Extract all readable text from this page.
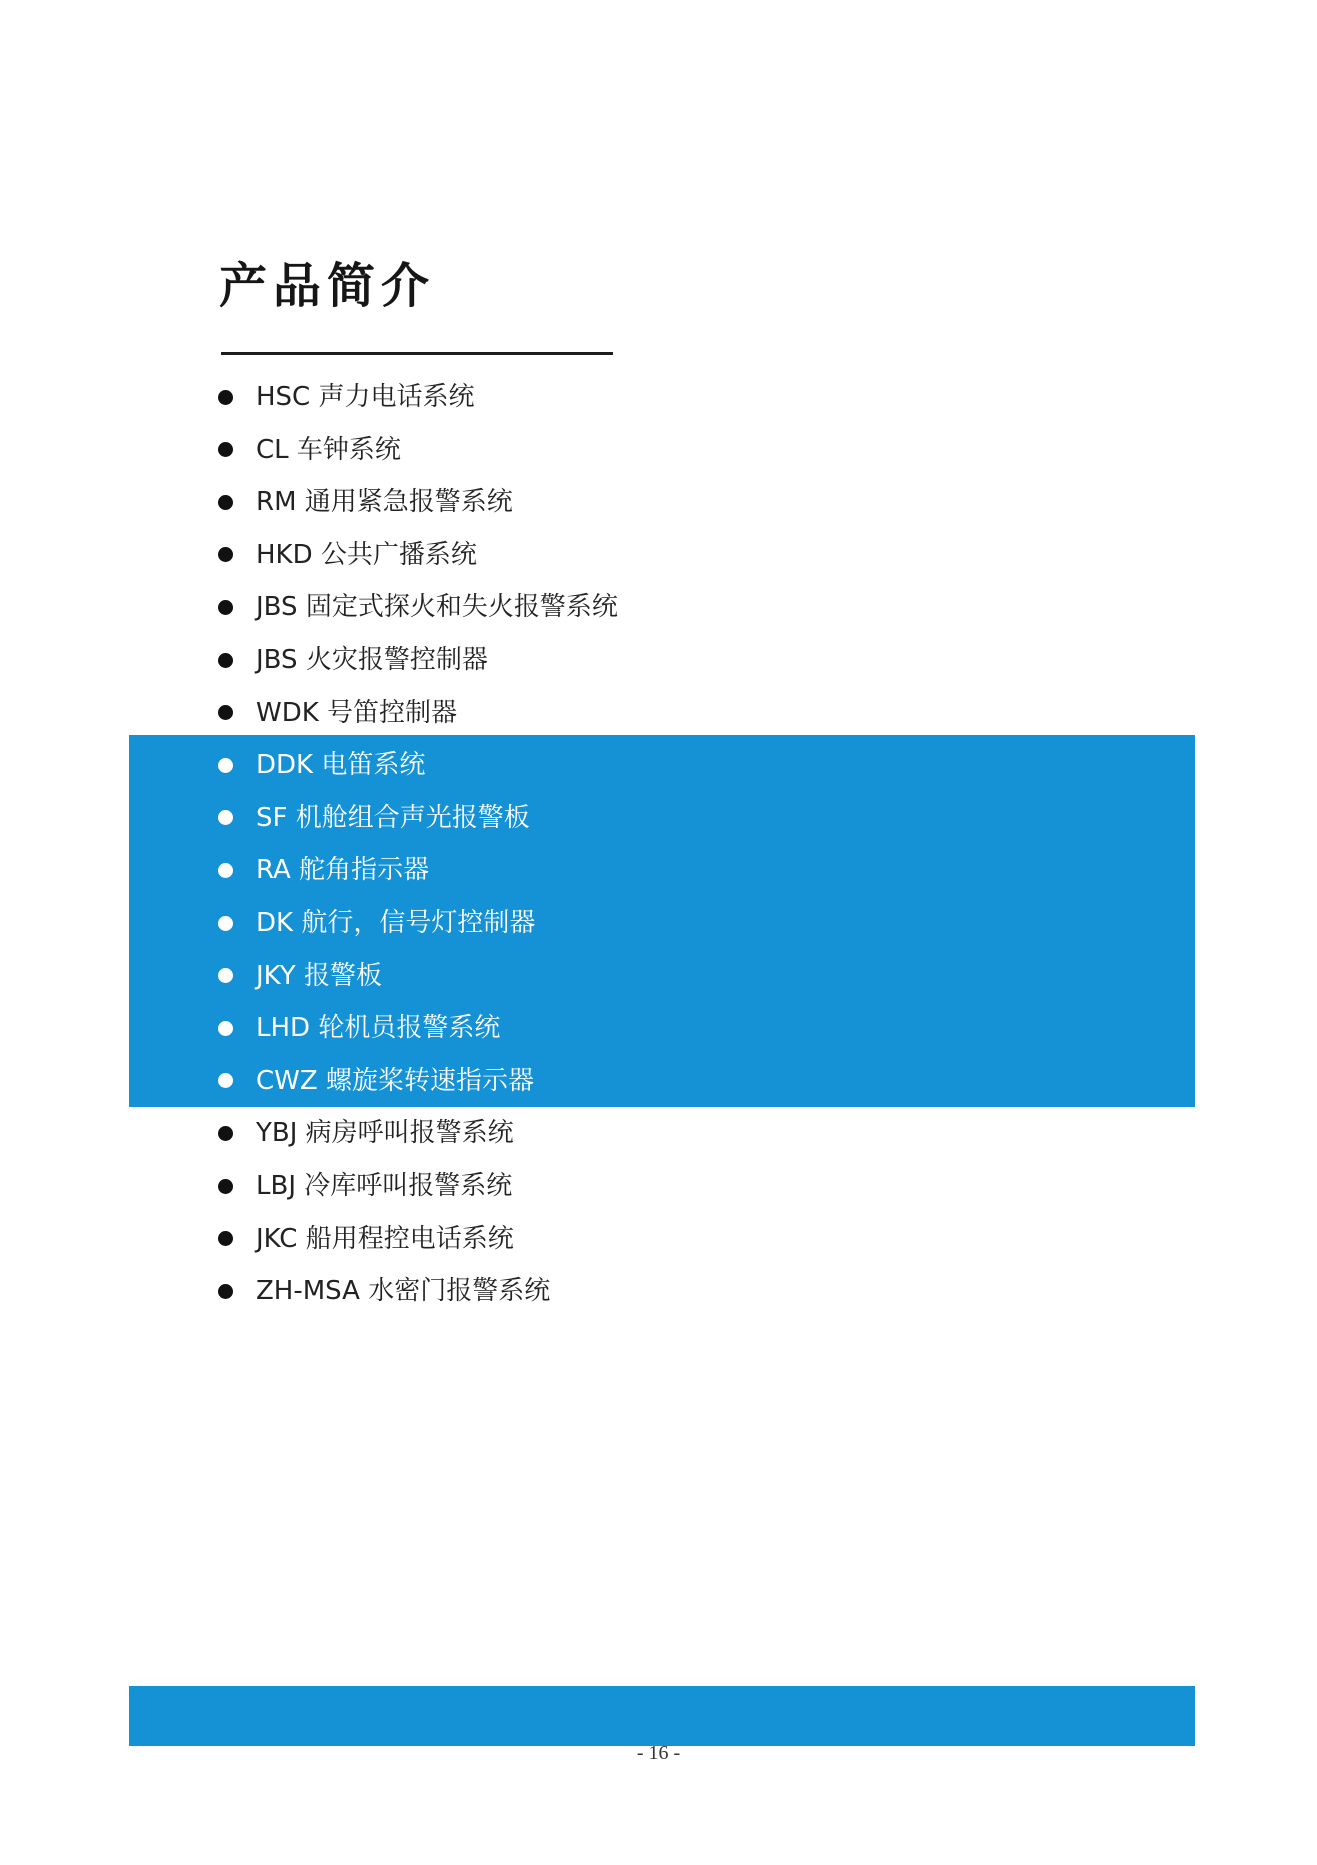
产品简介
HSC 声力电话系统
CL 车钟系统
RM 通用紧急报警系统
HKD 公共广播系统
JBS 固定式探火和失火报警系统
JBS 火灾报警控制器
WDK 号笛控制器
DDK 电笛系统
SF 机舱组合声光报警板
RA 舵角指示器
DK 航行，信号灯控制器
JKY 报警板
LHD 轮机员报警系统
CWZ 螺旋桨转速指示器
YBJ 病房呼叫报警系统
LBJ 冷库呼叫报警系统
JKC 船用程控电话系统
ZH-MSA 水密门报警系统
- 16 -
